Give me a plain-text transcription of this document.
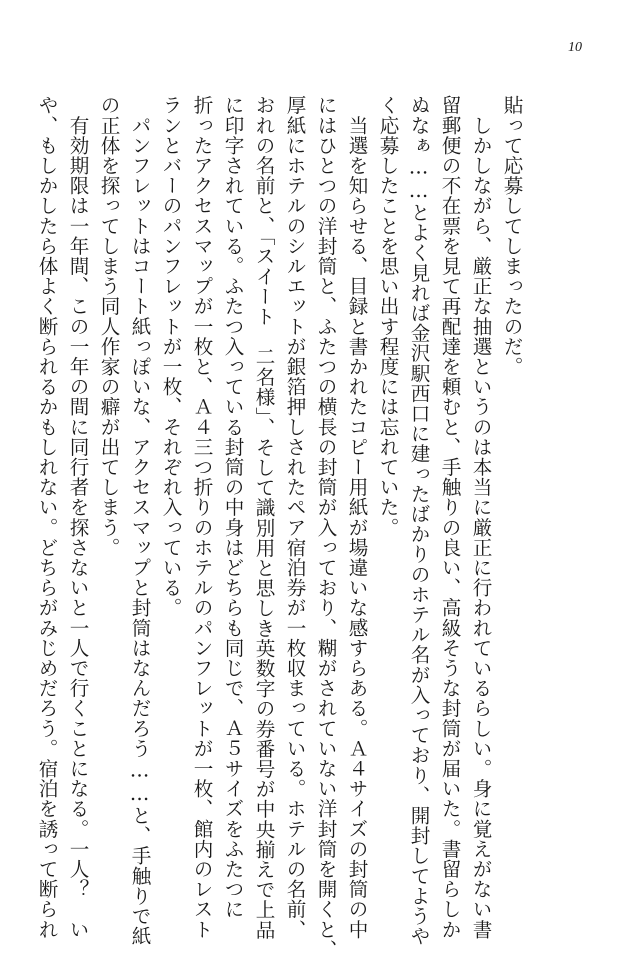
10
貼って応募してしまったのだ。
　しかしながら、厳正な抽選というのは本当に厳正に行われているらしい。身に覚えがない書
留郵便の不在票を見て再配達を頼むと、手触りの良い、高級そうな封筒が届いた。書留らしか
ぬなぁ……とよく見れば金沢駅西口に建ったばかりのホテル名が入っており、開封してようや
く応募したことを思い出す程度には忘れていた。
　当選を知らせる、目録と書かれたコピー用紙が場違いな感すらある。Ａ４サイズの封筒の中
にはひとつの洋封筒と、ふたつの横長の封筒が入っており、糊がされていない洋封筒を開くと、
厚紙にホテルのシルエットが銀箔押しされたペア宿泊券が一枚収まっている。ホテルの名前、
おれの名前と、「スイート　二名様」、そして識別用と思しき英数字の券番号が中央揃えで上品
に印字されている。ふたつ入っている封筒の中身はどちらも同じで、Ａ５サイズをふたつに
折ったアクセスマップが一枚と、Ａ４三つ折りのホテルのパンフレットが一枚、館内のレスト
ランとバーのパンフレットが一枚、それぞれ入っている。
　パンフレットはコート紙っぽいな、アクセスマップと封筒はなんだろう……と、手触りで紙
の正体を探ってしまう同人作家の癖が出てしまう。
　有効期限は一年間、この一年の間に同行者を探さないと一人で行くことになる。一人？　い
や、もしかしたら体よく断られるかもしれない。どちらがみじめだろう。宿泊を誘って断られ
